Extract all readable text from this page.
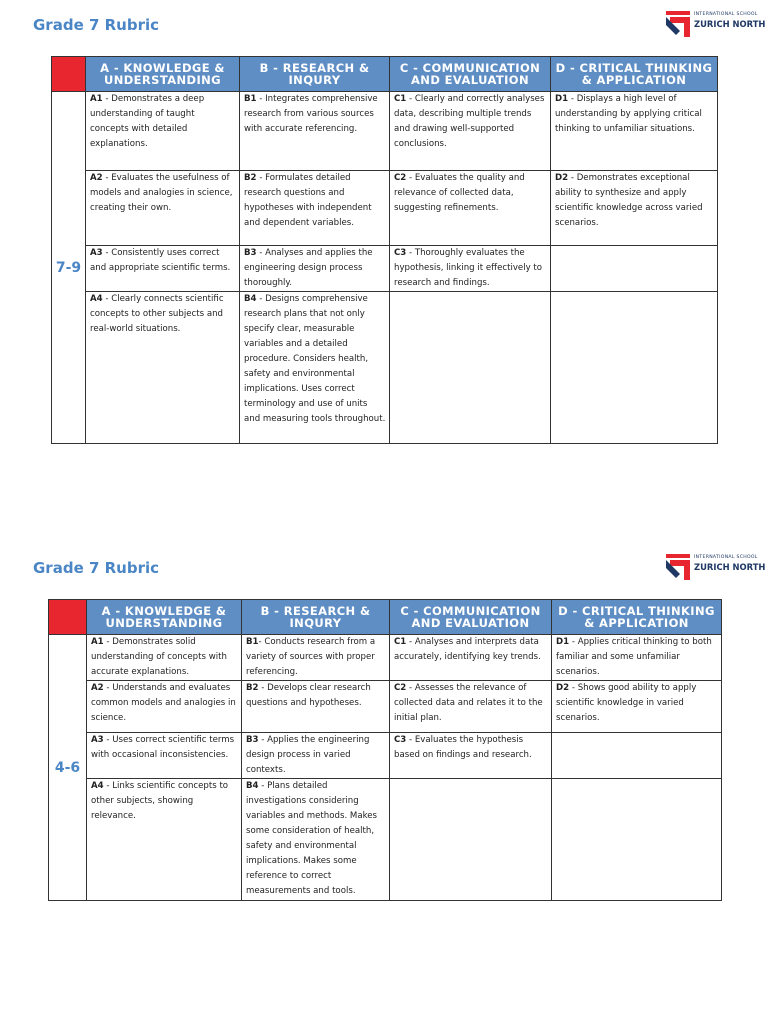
Grade 7 Rubric
INTERNATIONAL SCHOOL
ZURICH NORTH
	A - KNOWLEDGE & UNDERSTANDING	B - RESEARCH & INQURY	C - COMMUNICATION AND EVALUATION	D - CRITICAL THINKING & APPLICATION
7-9	A1 - Demonstrates a deep understanding of taught concepts with detailed explanations.	B1 - Integrates comprehensive research from various sources with accurate referencing.	C1 - Clearly and correctly analyses data, describing multiple trends and drawing well-supported conclusions.	D1 - Displays a high level of understanding by applying critical thinking to unfamiliar situations.
	A2 - Evaluates the usefulness of models and analogies in science, creating their own.	B2 - Formulates detailed research questions and hypotheses with independent and dependent variables.	C2 - Evaluates the quality and relevance of collected data, suggesting refinements.	D2 - Demonstrates exceptional ability to synthesize and apply scientific knowledge across varied scenarios.
	A3 - Consistently uses correct and appropriate scientific terms.	B3 - Analyses and applies the engineering design process thoroughly.	C3 - Thoroughly evaluates the hypothesis, linking it effectively to research and findings.	
	A4 - Clearly connects scientific concepts to other subjects and real-world situations.	B4 - Designs comprehensive research plans that not only specify clear, measurable variables and a detailed procedure. Considers health, safety and environmental implications. Uses correct terminology and use of units and measuring tools throughout.		
Grade 7 Rubric
INTERNATIONAL SCHOOL
ZURICH NORTH
	A - KNOWLEDGE & UNDERSTANDING	B - RESEARCH & INQURY	C - COMMUNICATION AND EVALUATION	D - CRITICAL THINKING & APPLICATION
4-6	A1 - Demonstrates solid understanding of concepts with accurate explanations.	B1- Conducts research from a variety of sources with proper referencing.	C1 - Analyses and interprets data accurately, identifying key trends.	D1 - Applies critical thinking to both familiar and some unfamiliar scenarios.
	A2 - Understands and evaluates common models and analogies in science.	B2 - Develops clear research questions and hypotheses.	C2 - Assesses the relevance of collected data and relates it to the initial plan.	D2 - Shows good ability to apply scientific knowledge in varied scenarios.
	A3 - Uses correct scientific terms with occasional inconsistencies.	B3 - Applies the engineering design process in varied contexts.	C3 - Evaluates the hypothesis based on findings and research.	
	A4 - Links scientific concepts to other subjects, showing relevance.	B4 - Plans detailed investigations considering variables and methods. Makes some consideration of health, safety and environmental implications. Makes some reference to correct measurements and tools.		
